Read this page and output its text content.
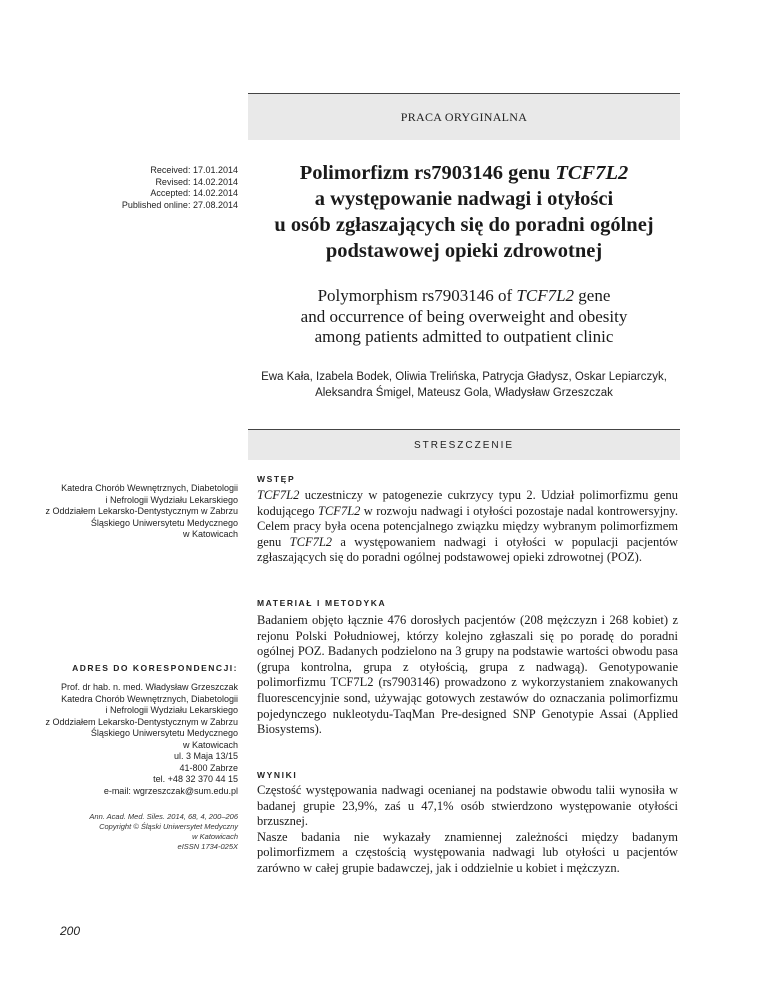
PRACA ORYGINALNA
Received: 17.01.2014
Revised: 14.02.2014
Accepted: 14.02.2014
Published online: 27.08.2014
Polimorfizm rs7903146 genu TCF7L2
a występowanie nadwagi i otyłości
u osób zgłaszających się do poradni ogólnej
podstawowej opieki zdrowotnej
Polymorphism rs7903146 of TCF7L2 gene
and occurrence of being overweight and obesity
among patients admitted to outpatient clinic
Ewa Kała, Izabela Bodek, Oliwia Trelińska, Patrycja Gładysz, Oskar Lepiarczyk,
Aleksandra Śmigel, Mateusz Gola, Władysław Grzeszczak
STRESZCZENIE
Katedra Chorób Wewnętrznych, Diabetologii
i Nefrologii Wydziału Lekarskiego
z Oddziałem Lekarsko-Dentystycznym w Zabrzu
Śląskiego Uniwersytetu Medycznego
w Katowicach
ADRES DO KORESPONDENCJI:
Prof. dr hab. n. med. Władysław Grzeszczak
Katedra Chorób Wewnętrznych, Diabetologii
i Nefrologii Wydziału Lekarskiego
z Oddziałem Lekarsko-Dentystycznym w Zabrzu
Śląskiego Uniwersytetu Medycznego
w Katowicach
ul. 3 Maja 13/15
41-800 Zabrze
tel. +48 32 370 44 15
e-mail: wgrzeszczak@sum.edu.pl
Ann. Acad. Med. Siles. 2014, 68, 4, 200–206
Copyright © Śląski Uniwersytet Medyczny
w Katowicach
eISSN 1734-025X
200
WSTĘP

TCF7L2 uczestniczy w patogenezie cukrzycy typu 2. Udział polimorfizmu genu kodującego TCF7L2 w rozwoju nadwagi i otyłości pozostaje nadal kontrowersyjny. Celem pracy była ocena potencjalnego związku między wybranym polimorfizmem genu TCF7L2 a występowaniem nadwagi i otyłości w populacji pacjentów zgłaszających się do poradni ogólnej podstawowej opieki zdrowotnej (POZ).

MATERIAŁ I METODYKA

Badaniem objęto łącznie 476 dorosłych pacjentów (208 mężczyzn i 268 kobiet) z rejonu Polski Południowej, którzy kolejno zgłaszali się po poradę do poradni ogólnej POZ. Badanych podzielono na 3 grupy na podstawie wartości obwodu pasa (grupa kontrolna, grupa z otyłością, grupa z nadwagą). Genotypowanie polimorfizmu TCF7L2 (rs7903146) prowadzono z wykorzystaniem znakowanych fluorescencyjnie sond, używając gotowych zestawów do oznaczania polimorfizmu pojedynczego nukleotydu-TaqMan Pre-designed SNP Genotypie Assai (Applied Biosystems).

WYNIKI

Częstość występowania nadwagi ocenianej na podstawie obwodu talii wynosiła w badanej grupie 23,9%, zaś u 47,1% osób stwierdzono występowanie otyłości brzusznej.

Nasze badania nie wykazały znamiennej zależności między badanym polimorfizmem a częstością występowania nadwagi lub otyłości u pacjentów zarówno w całej grupie badawczej, jak i oddzielnie u kobiet i mężczyzn.
